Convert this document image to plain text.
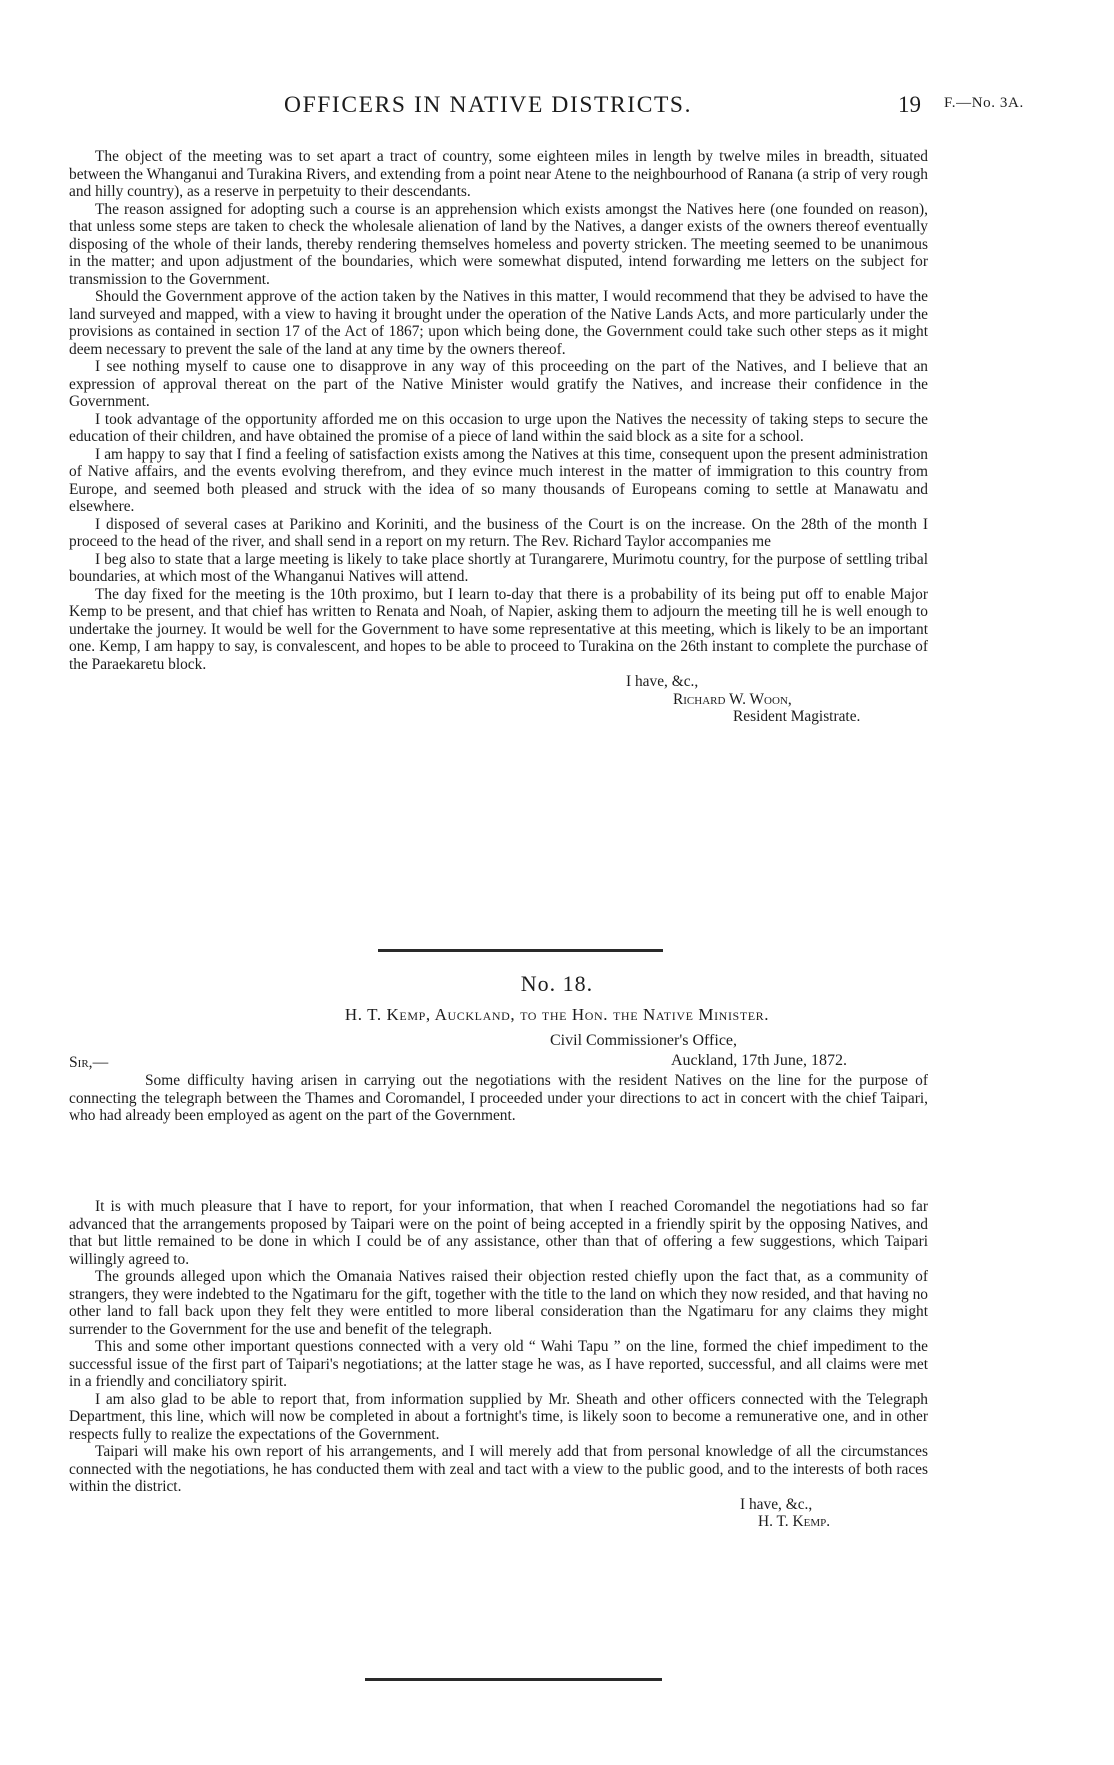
OFFICERS IN NATIVE DISTRICTS.	19 F.—No. 3A.

The object of the meeting was to set apart a tract of country, some eighteen miles in length by twelve miles in breadth, situated between the Whanganui and Turakina Rivers, and extending from a point near Atene to the neighbourhood of Ranana (a strip of very rough and hilly country), as a reserve in perpetuity to their descendants.

The reason assigned for adopting such a course is an apprehension which exists amongst the Natives here (one founded on reason), that unless some steps are taken to check the wholesale alienation of land by the Natives, a danger exists of the owners thereof eventually disposing of the whole of their lands, thereby rendering themselves homeless and poverty stricken. The meeting seemed to be unanimous in the matter; and upon adjustment of the boundaries, which were somewhat disputed, intend forwarding me letters on the subject for transmission to the Government.

Should the Government approve of the action taken by the Natives in this matter, I would recommend that they be advised to have the land surveyed and mapped, with a view to having it brought under the operation of the Native Lands Acts, and more particularly under the provisions as contained in section 17 of the Act of 1867; upon which being done, the Government could take such other steps as it might deem necessary to prevent the sale of the land at any time by the owners thereof.

I see nothing myself to cause one to disapprove in any way of this proceeding on the part of the Natives, and I believe that an expression of approval thereat on the part of the Native Minister would gratify the Natives, and increase their confidence in the Government.

I took advantage of the opportunity afforded me on this occasion to urge upon the Natives the necessity of taking steps to secure the education of their children, and have obtained the promise of a piece of land within the said block as a site for a school.

I am happy to say that I find a feeling of satisfaction exists among the Natives at this time, consequent upon the present administration of Native affairs, and the events evolving therefrom, and they evince much interest in the matter of immigration to this country from Europe, and seemed both pleased and struck with the idea of so many thousands of Europeans coming to settle at Manawatu and elsewhere.

I disposed of several cases at Parikino and Koriniti, and the business of the Court is on the increase. On the 28th of the month I proceed to the head of the river, and shall send in a report on my return. The Rev. Richard Taylor accompanies me

I beg also to state that a large meeting is likely to take place shortly at Turangarere, Murimotu country, for the purpose of settling tribal boundaries, at which most of the Whanganui Natives will attend.

The day fixed for the meeting is the 10th proximo, but I learn to-day that there is a probability of its being put off to enable Major Kemp to be present, and that chief has written to Renata and Noah, of Napier, asking them to adjourn the meeting till he is well enough to undertake the journey. It would be well for the Government to have some representative at this meeting, which is likely to be an important one. Kemp, I am happy to say, is convalescent, and hopes to be able to proceed to Turakina on the 26th instant to complete the purchase of the Paraekaretu block.

I have, &c.,

Richard W. Woon,

Resident Magistrate.

No. 18.
H. T. Kemp, Auckland, to the Hon. the Native Minister.
Civil Commissioner's Office,
Sir,—	Auckland, 17th June, 1872.

Some difficulty having arisen in carrying out the negotiations with the resident Natives on the line for the purpose of connecting the telegraph between the Thames and Coromandel, I proceeded under your directions to act in concert with the chief Taipari, who had already been employed as agent on the part of the Government.

It is with much pleasure that I have to report, for your information, that when I reached Coromandel the negotiations had so far advanced that the arrangements proposed by Taipari were on the point of being accepted in a friendly spirit by the opposing Natives, and that but little remained to be done in which I could be of any assistance, other than that of offering a few suggestions, which Taipari willingly agreed to.

The grounds alleged upon which the Omanaia Natives raised their objection rested chiefly upon the fact that, as a community of strangers, they were indebted to the Ngatimaru for the gift, together with the title to the land on which they now resided, and that having no other land to fall back upon they felt they were entitled to more liberal consideration than the Ngatimaru for any claims they might surrender to the Government for the use and benefit of the telegraph.

This and some other important questions connected with a very old “ Wahi Tapu ” on the line, formed the chief impediment to the successful issue of the first part of Taipari's negotiations; at the latter stage he was, as I have reported, successful, and all claims were met in a friendly and conciliatory spirit.

I am also glad to be able to report that, from information supplied by Mr. Sheath and other officers connected with the Telegraph Department, this line, which will now be completed in about a fortnight's time, is likely soon to become a remunerative one, and in other respects fully to realize the expectations of the Government.

Taipari will make his own report of his arrangements, and I will merely add that from personal knowledge of all the circumstances connected with the negotiations, he has conducted them with zeal and tact with a view to the public good, and to the interests of both races within the district.

I have, &c.,

H. T. Kemp.
